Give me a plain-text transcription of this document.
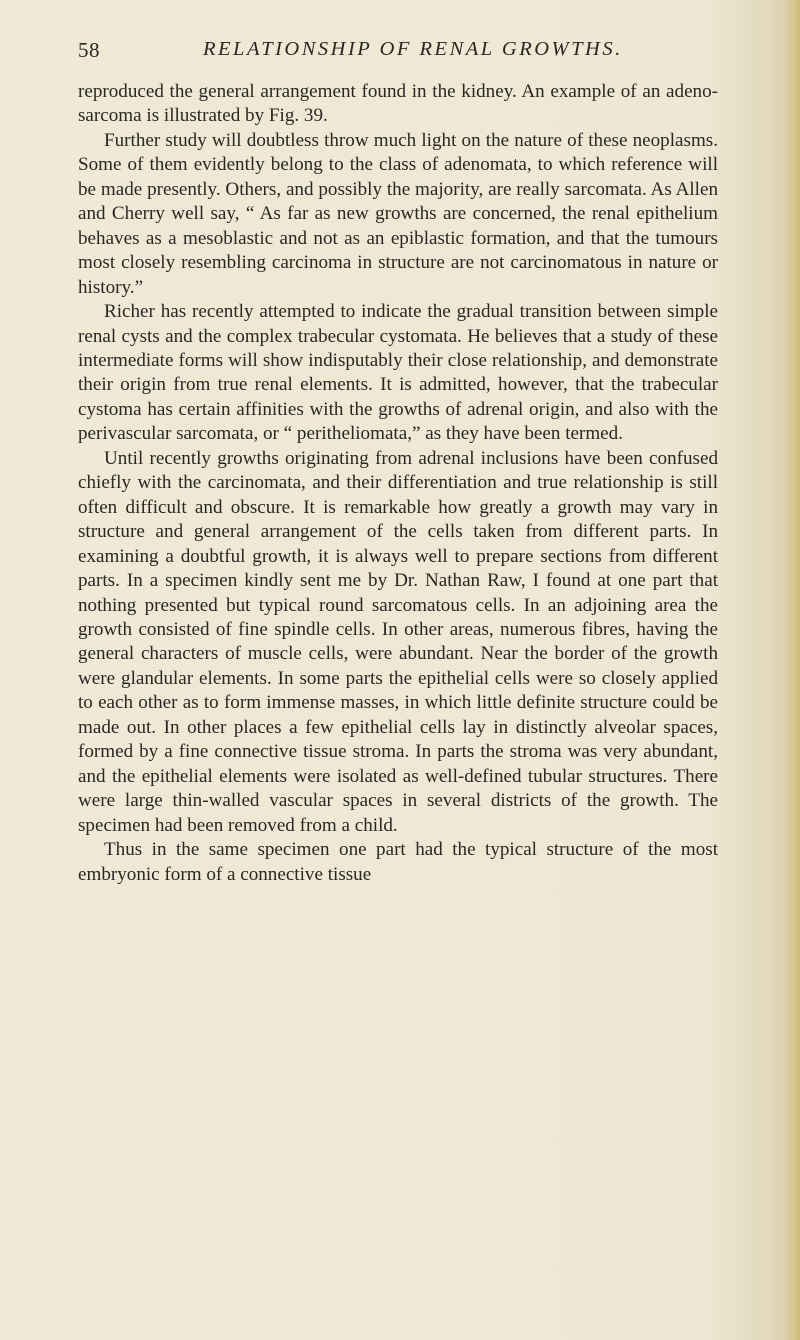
58	RELATIONSHIP OF RENAL GROWTHS.

reproduced the general arrangement found in the kidney. An example of an adeno-sarcoma is illustrated by Fig. 39.

Further study will doubtless throw much light on the nature of these neoplasms. Some of them evidently belong to the class of adenomata, to which reference will be made presently. Others, and possibly the majority, are really sarcomata. As Allen and Cherry well say, “ As far as new growths are concerned, the renal epithelium behaves as a mesoblastic and not as an epiblastic formation, and that the tumours most closely resembling carcinoma in structure are not carcinomatous in nature or history.”

Richer has recently attempted to indicate the gradual transition between simple renal cysts and the complex trabecular cystomata. He believes that a study of these intermediate forms will show indisputably their close relationship, and demonstrate their origin from true renal elements. It is admitted, however, that the trabecular cystoma has certain affinities with the growths of adrenal origin, and also with the perivascular sarcomata, or “ peritheliomata,” as they have been termed.

Until recently growths originating from adrenal inclusions have been confused chiefly with the carcinomata, and their differentiation and true relationship is still often difficult and obscure. It is remarkable how greatly a growth may vary in structure and general arrangement of the cells taken from different parts. In examining a doubtful growth, it is always well to prepare sections from different parts. In a specimen kindly sent me by Dr. Nathan Raw, I found at one part that nothing presented but typical round sarcomatous cells. In an adjoining area the growth consisted of fine spindle cells. In other areas, numerous fibres, having the general characters of muscle cells, were abundant. Near the border of the growth were glandular elements. In some parts the epithelial cells were so closely applied to each other as to form immense masses, in which little definite structure could be made out. In other places a few epithelial cells lay in distinctly alveolar spaces, formed by a fine connective tissue stroma. In parts the stroma was very abundant, and the epithelial elements were isolated as well-defined tubular structures. There were large thin-walled vascular spaces in several districts of the growth. The specimen had been removed from a child.

Thus in the same specimen one part had the typical structure of the most embryonic form of a connective tissue
